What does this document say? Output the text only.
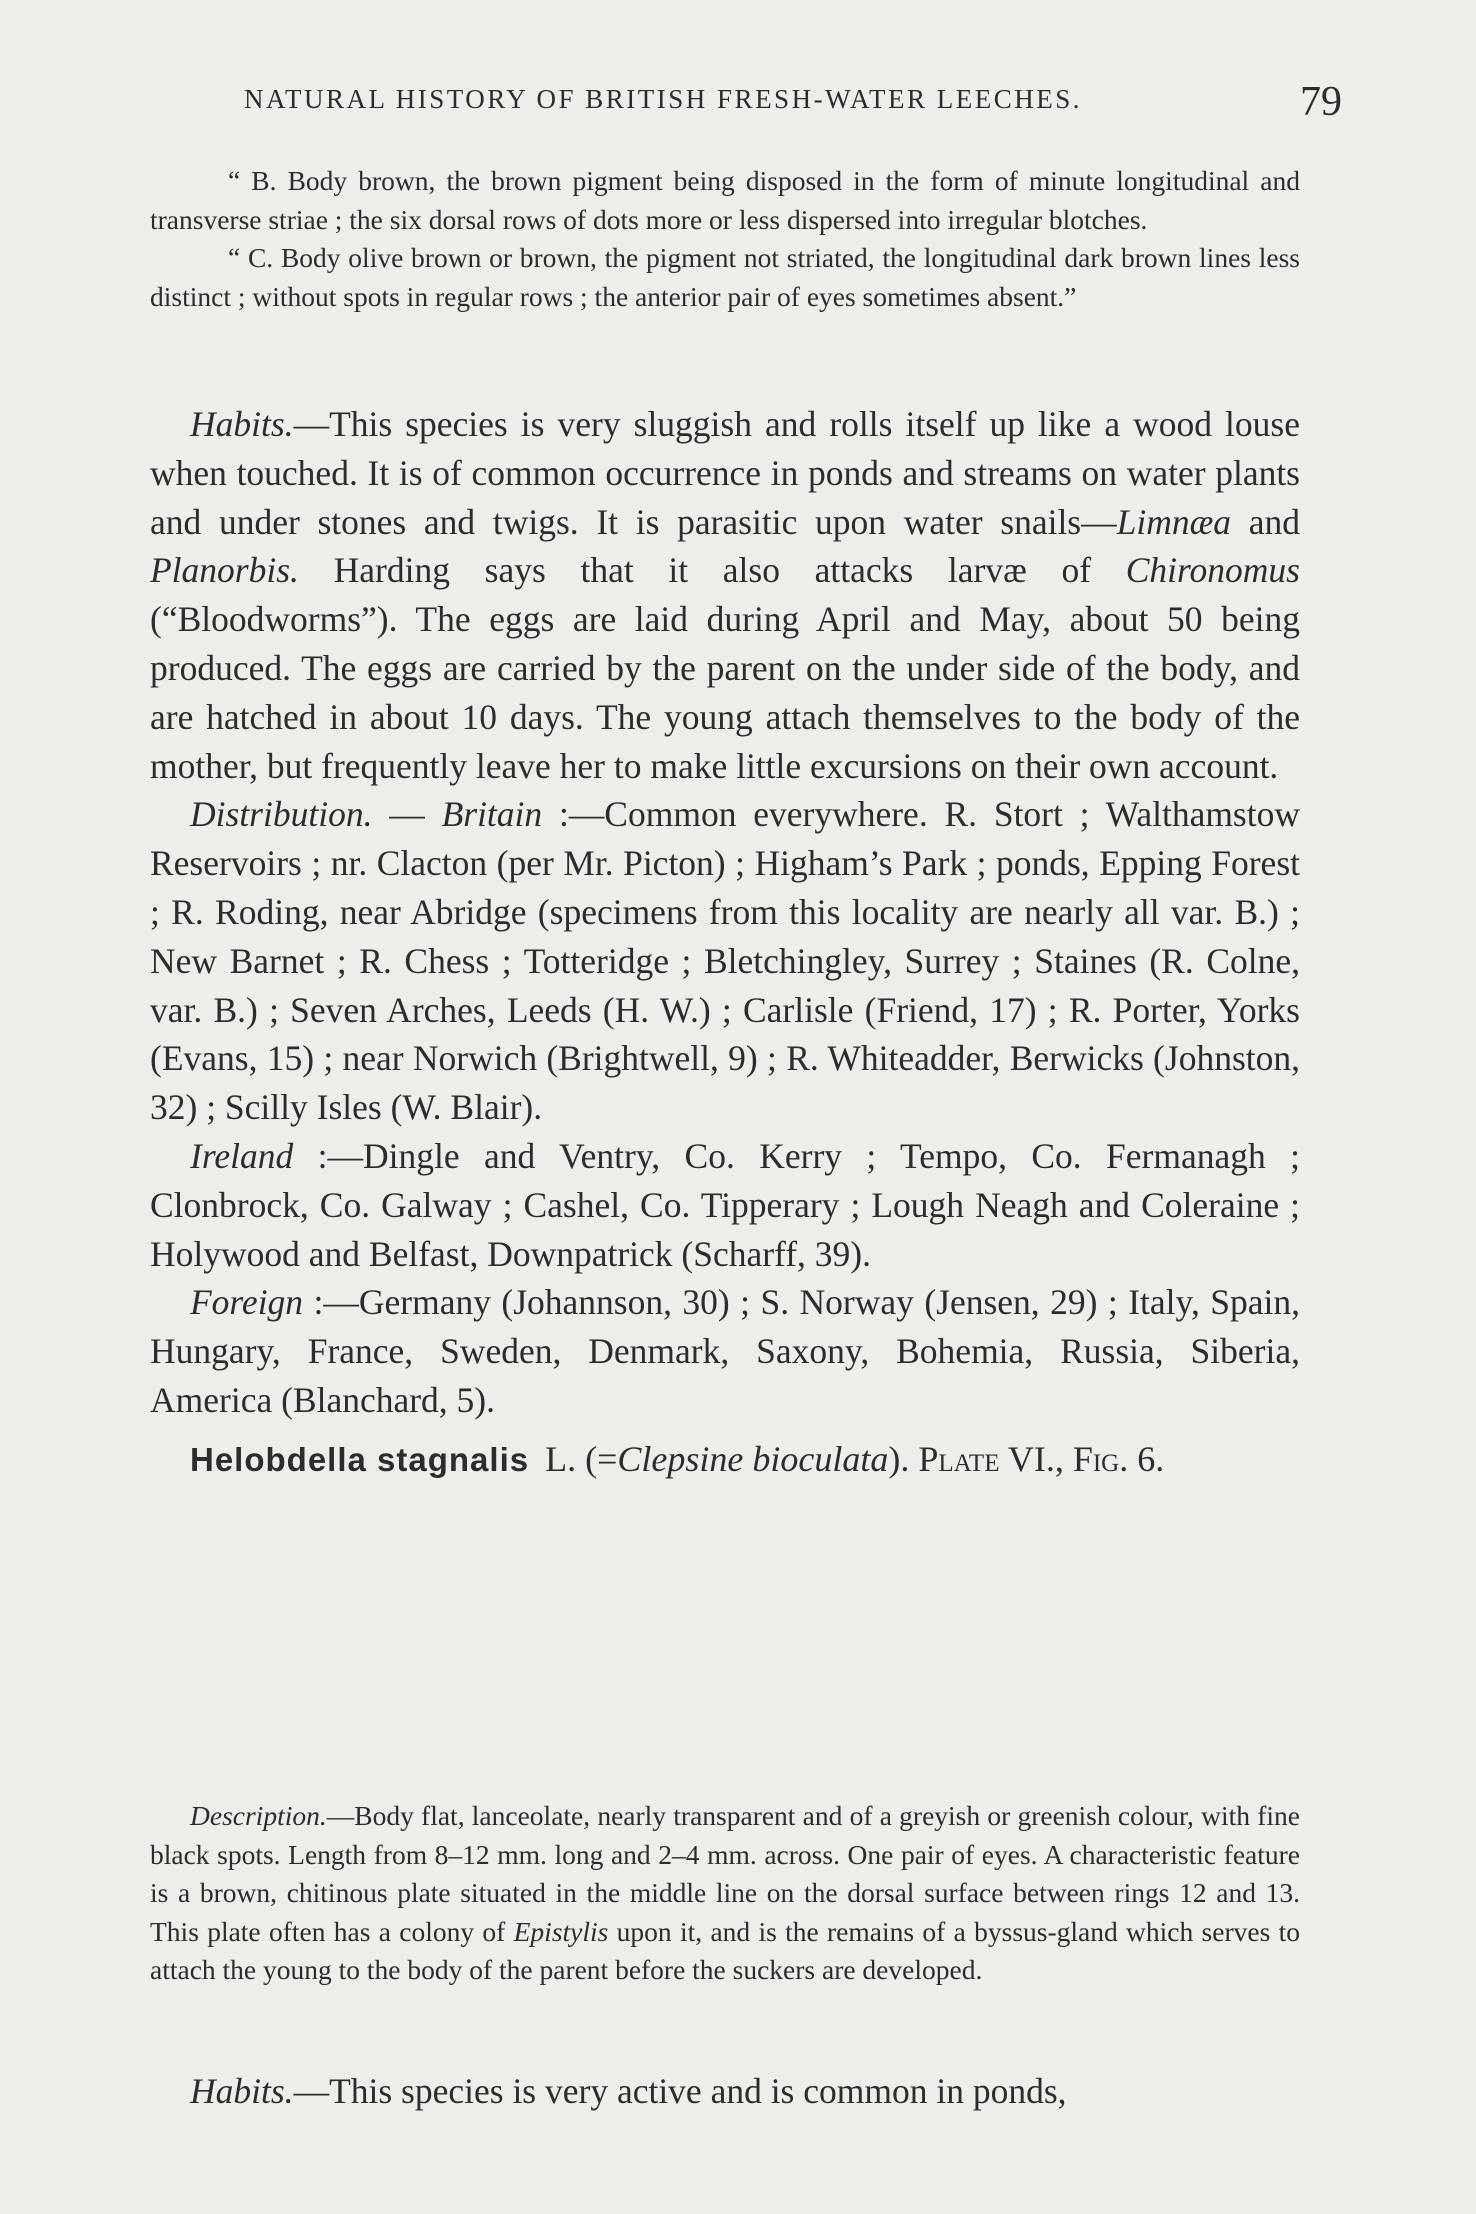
NATURAL HISTORY OF BRITISH FRESH-WATER LEECHES.	79

“ B. Body brown, the brown pigment being disposed in the form of minute longitudinal and transverse striae ; the six dorsal rows of dots more or less dispersed into irregular blotches.

“ C. Body olive brown or brown, the pigment not striated, the longitudinal dark brown lines less distinct ; without spots in regular rows ; the anterior pair of eyes sometimes absent.”

Habits.—This species is very sluggish and rolls itself up like a wood louse when touched. It is of common occurrence in ponds and streams on water plants and under stones and twigs. It is parasitic upon water snails—Limnæa and Planorbis. Harding says that it also attacks larvæ of Chironomus (“Bloodworms”). The eggs are laid during April and May, about 50 being produced. The eggs are carried by the parent on the under side of the body, and are hatched in about 10 days. The young attach themselves to the body of the mother, but frequently leave her to make little excursions on their own account.

Distribution. — Britain :—Common everywhere. R. Stort ; Walthamstow Reservoirs ; nr. Clacton (per Mr. Picton) ; Higham’s Park ; ponds, Epping Forest ; R. Roding, near Abridge (specimens from this locality are nearly all var. B.) ; New Barnet ; R. Chess ; Totteridge ; Bletchingley, Surrey ; Staines (R. Colne, var. B.) ; Seven Arches, Leeds (H. W.) ; Carlisle (Friend, 17) ; R. Porter, Yorks (Evans, 15) ; near Norwich (Brightwell, 9) ; R. Whiteadder, Berwicks (Johnston, 32) ; Scilly Isles (W. Blair).

Ireland :—Dingle and Ventry, Co. Kerry ; Tempo, Co. Fermanagh ; Clonbrock, Co. Galway ; Cashel, Co. Tipperary ; Lough Neagh and Coleraine ; Holywood and Belfast, Downpatrick (Scharff, 39).

Foreign :—Germany (Johannson, 30) ; S. Norway (Jensen, 29) ; Italy, Spain, Hungary, France, Sweden, Denmark, Saxony, Bohemia, Russia, Siberia, America (Blanchard, 5).

Helobdella stagnalis L. (=Clepsine bioculata). Plate VI., Fig. 6.

Description.—Body flat, lanceolate, nearly transparent and of a greyish or greenish colour, with fine black spots. Length from 8–12 mm. long and 2–4 mm. across. One pair of eyes. A characteristic feature is a brown, chitinous plate situated in the middle line on the dorsal surface between rings 12 and 13. This plate often has a colony of Epistylis upon it, and is the remains of a byssus-gland which serves to attach the young to the body of the parent before the suckers are developed.

Habits.—This species is very active and is common in ponds,
